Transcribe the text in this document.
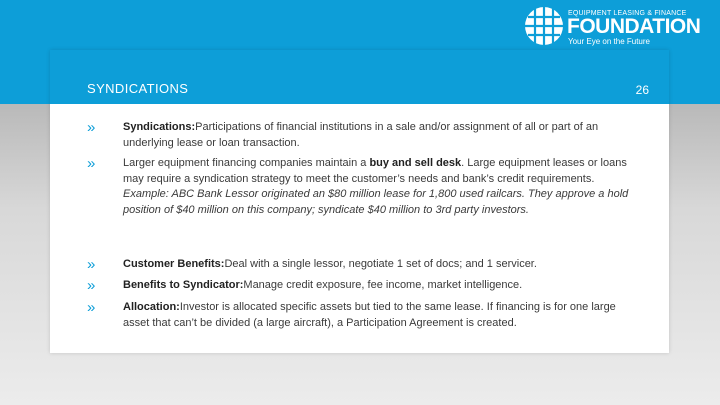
EQUIPMENT LEASING & FINANCE
FOUNDATION
Your Eye on the Future
SYNDICATIONS	26
»	Syndications:Participations of financial institutions in a sale and/or assignment of all or part of an underlying lease or loan transaction.
»	Larger equipment financing companies maintain a buy and sell desk. Large equipment leases or loans may require a syndication strategy to meet the customer’s needs and bank’s credit requirements.
Example: ABC Bank Lessor originated an $80 million lease for 1,800 used railcars. They approve a hold position of $40 million on this company; syndicate $40 million to 3rd party investors.
»	Customer Benefits:Deal with a single lessor, negotiate 1 set of docs; and 1 servicer.
»	Benefits to Syndicator:Manage credit exposure, fee income, market intelligence.
»	Allocation:Investor is allocated specific assets but tied to the same lease. If financing is for one large asset that can’t be divided (a large aircraft), a Participation Agreement is created.
